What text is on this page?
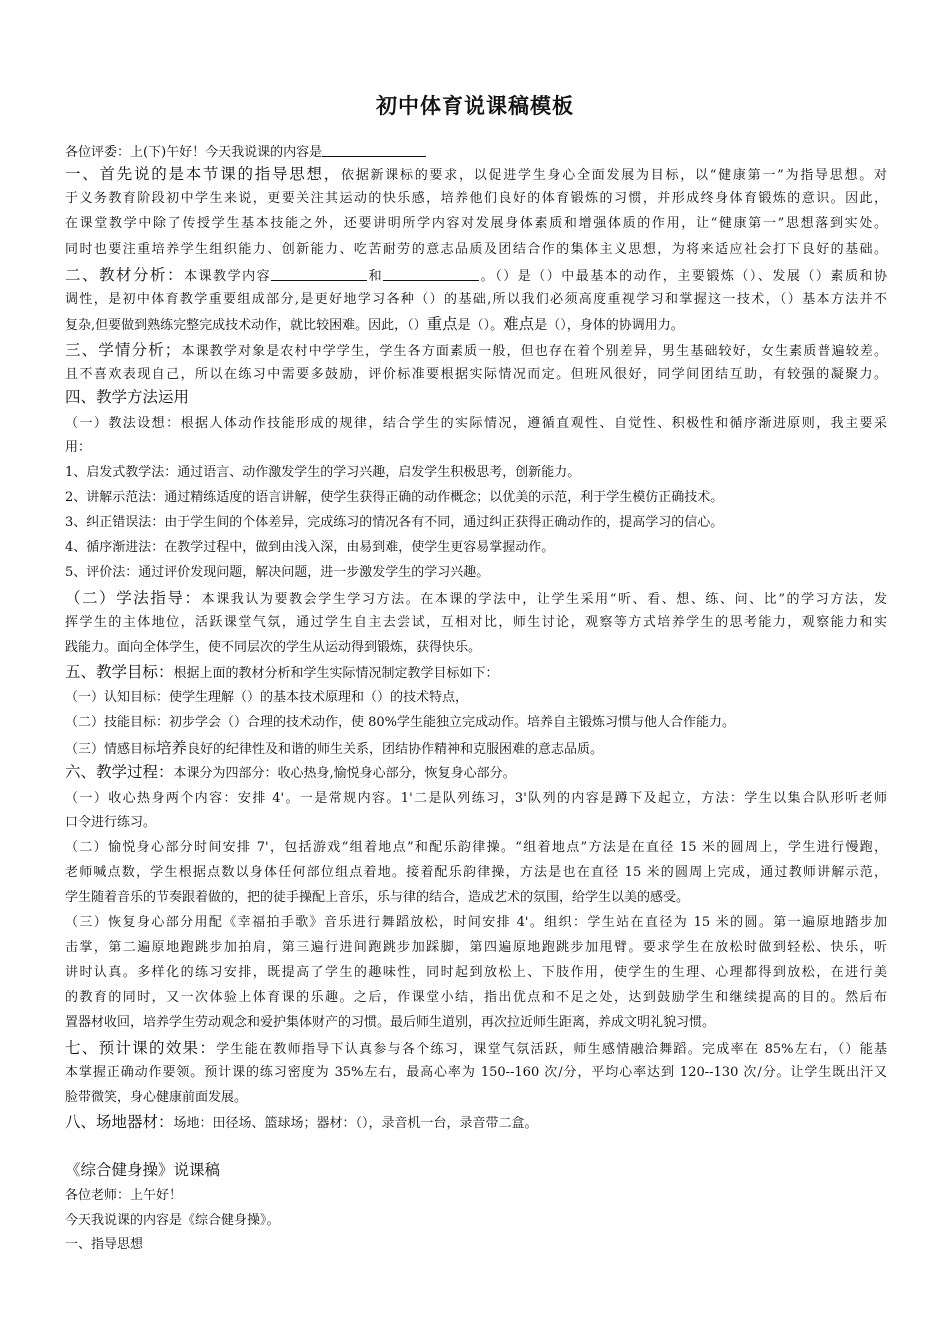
初中体育说课稿模板
各位评委：上(下)午好！今天我说课的内容是
一、首先说的是本节课的指导思想，依据新课标的要求，以促进学生身心全面发展为目标，以“健康第一”为指导思想。对
于义务教育阶段初中学生来说，更要关注其运动的快乐感，培养他们良好的体育锻炼的习惯，并形成终身体育锻炼的意识。因此，
在课堂教学中除了传授学生基本技能之外，还要讲明所学内容对发展身体素质和增强体质的作用，让“健康第一”思想落到实处。
同时也要注重培养学生组织能力、创新能力、吃苦耐劳的意志品质及团结合作的集体主义思想，为将来适应社会打下良好的基础。
二、教材分析：本课教学内容	和	。（）是（）中最基本的动作，主要锻炼（）、发展（）素质和协
调性，是初中体育教学重要组成部分,是更好地学习各种（）的基础,所以我们必须高度重视学习和掌握这一技术，（）基本方法并不
复杂,但要做到熟练完整完成技术动作，就比较困难。因此，（）重点是（）。难点是（），身体的协调用力。
三、学情分析；本课教学对象是农村中学学生，学生各方面素质一般，但也存在着个别差异，男生基础较好，女生素质普遍较差。
且不喜欢表现自己，所以在练习中需要多鼓励，评价标准要根据实际情况而定。但班风很好，同学间团结互助，有较强的凝聚力。
四、教学方法运用
（一）教法设想：根据人体动作技能形成的规律，结合学生的实际情况，遵循直观性、自觉性、积极性和循序渐进原则，我主要采
用：
1、启发式教学法：通过语言、动作激发学生的学习兴趣，启发学生积极思考，创新能力。
2、讲解示范法：通过精练适度的语言讲解，使学生获得正确的动作概念；以优美的示范，利于学生模仿正确技术。
3、纠正错误法：由于学生间的个体差异，完成练习的情况各有不同，通过纠正获得正确动作的，提高学习的信心。
4、循序渐进法：在教学过程中，做到由浅入深，由易到难，使学生更容易掌握动作。
5、评价法：通过评价发现问题，解决问题，进一步激发学生的学习兴趣。
（二）学法指导：本课我认为要教会学生学习方法。在本课的学法中，让学生采用“听、看、想、练、问、比”的学习方法，发
挥学生的主体地位，活跃课堂气氛，通过学生自主去尝试，互相对比，师生讨论，观察等方式培养学生的思考能力，观察能力和实
践能力。面向全体学生，使不同层次的学生从运动得到锻炼，获得快乐。
五、教学目标：根据上面的教材分析和学生实际情况制定教学目标如下：
（一）认知目标：使学生理解（）的基本技术原理和（）的技术特点，
（二）技能目标：初步学会（）合理的技术动作，使 80%学生能独立完成动作。培养自主锻炼习惯与他人合作能力。
（三）情感目标培养良好的纪律性及和谐的师生关系，团结协作精神和克服困难的意志品质。
六、教学过程：本课分为四部分：收心热身,愉悦身心部分，恢复身心部分。
（一）收心热身两个内容：安排 4'。一是常规内容。1'二是队列练习，3'队列的内容是蹲下及起立，方法：学生以集合队形听老师
口令进行练习。
（二）愉悦身心部分时间安排 7'，包括游戏“组着地点”和配乐韵律操。“组着地点”方法是在直径 15 米的圆周上，学生进行慢跑，
老师喊点数，学生根据点数以身体任何部位组点着地。接着配乐韵律操，方法是也在直径 15 米的圆周上完成，通过教师讲解示范，
学生随着音乐的节奏跟着做的，把的徒手操配上音乐，乐与律的结合，造成艺术的氛围，给学生以美的感受。
（三）恢复身心部分用配《幸福拍手歌》音乐进行舞蹈放松，时间安排 4'。组织：学生站在直径为 15 米的圆。第一遍原地踏步加
击掌，第二遍原地跑跳步加拍肩，第三遍行进间跑跳步加踩脚，第四遍原地跑跳步加甩臂。要求学生在放松时做到轻松、快乐，听
讲时认真。多样化的练习安排，既提高了学生的趣味性，同时起到放松上、下肢作用，使学生的生理、心理都得到放松，在进行美
的教育的同时，又一次体验上体育课的乐趣。之后，作课堂小结，指出优点和不足之处，达到鼓励学生和继续提高的目的。然后布
置器材收回，培养学生劳动观念和爱护集体财产的习惯。最后师生道别，再次拉近师生距离，养成文明礼貌习惯。
七、预计课的效果：学生能在教师指导下认真参与各个练习，课堂气氛活跃，师生感情融洽舞蹈。完成率在 85%左右，（）能基
本掌握正确动作要领。预计课的练习密度为 35%左右，最高心率为 150--160 次/分，平均心率达到 120--130 次/分。让学生既出汗又
脸带微笑，身心健康前面发展。
八、场地器材：场地：田径场、篮球场；器材：（），录音机一台，录音带二盒。
《综合健身操》说课稿
各位老师：上午好！
今天我说课的内容是《综合健身操》。
一、指导思想
